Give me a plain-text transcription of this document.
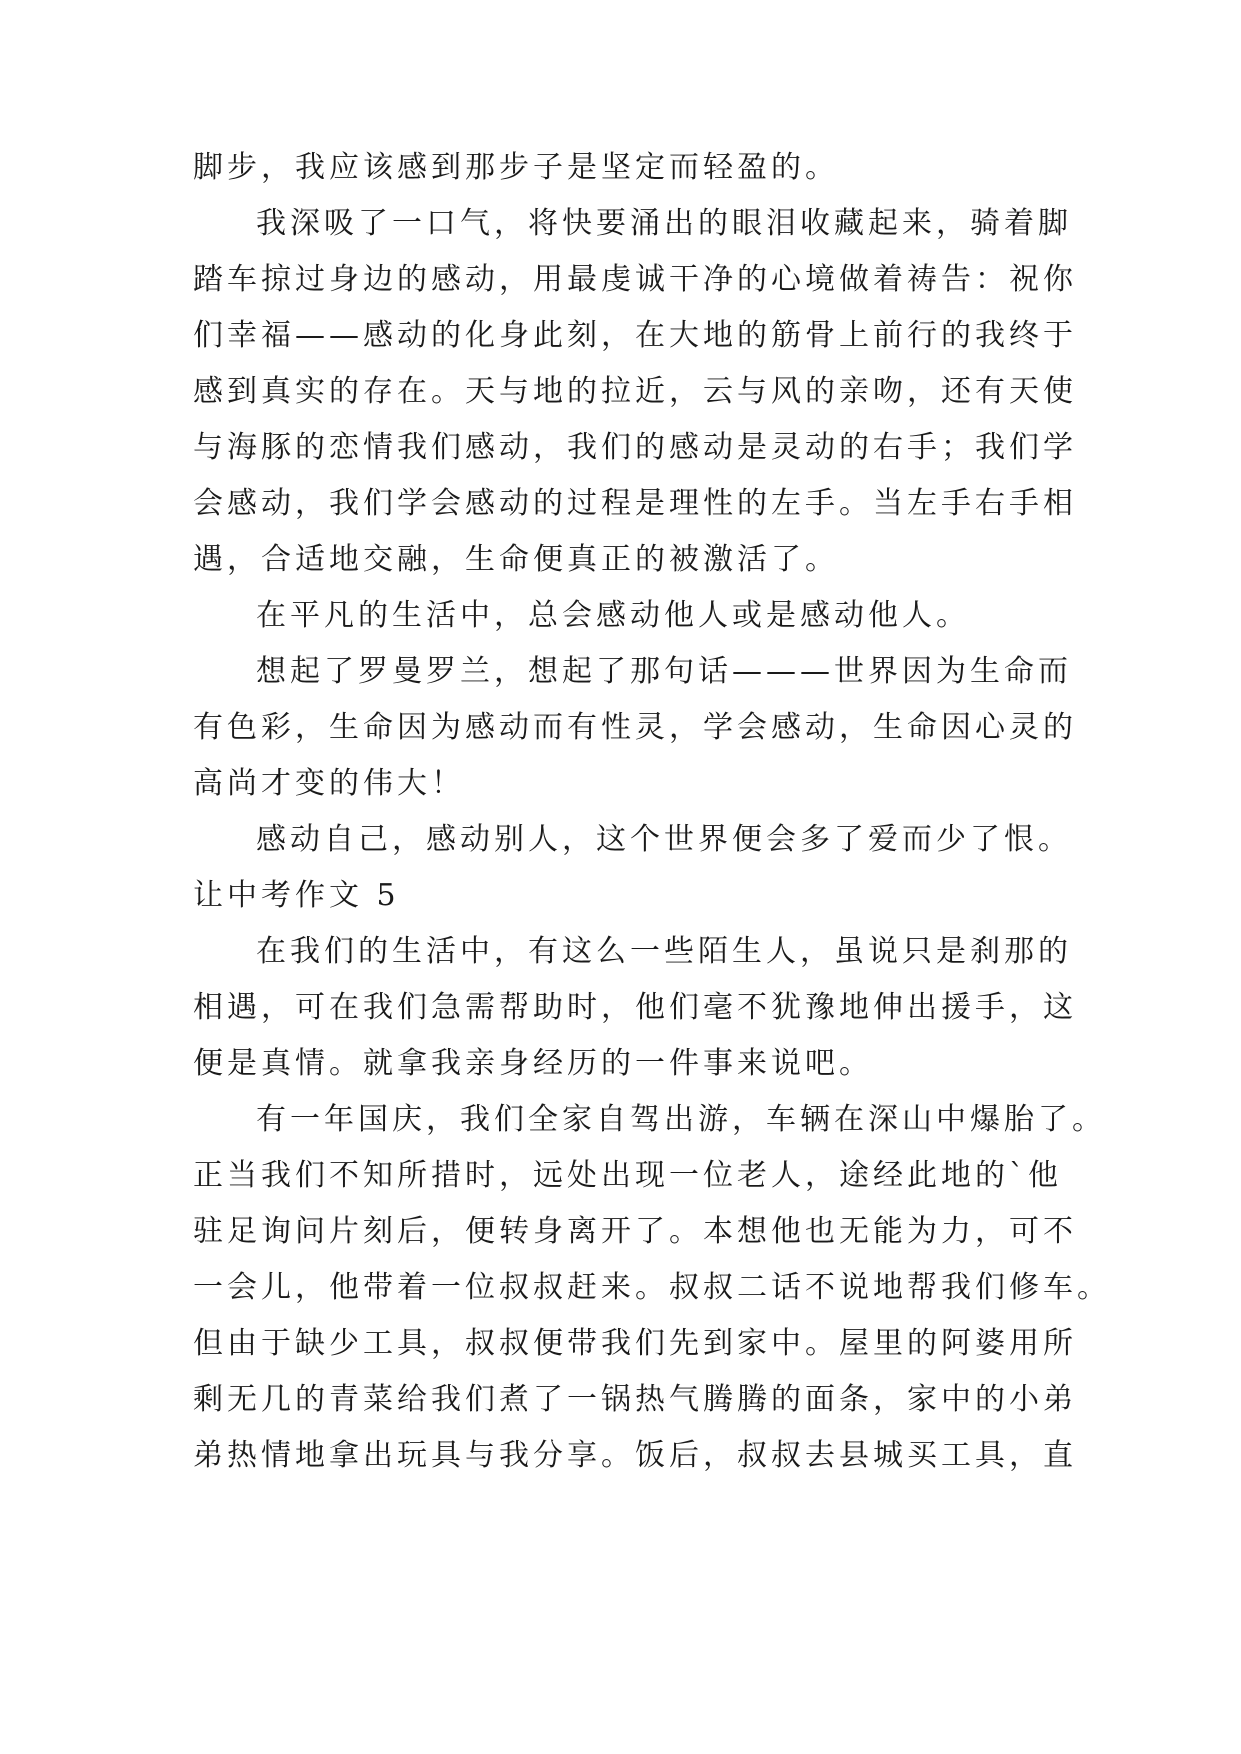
脚步，我应该感到那步子是坚定而轻盈的。
我深吸了一口气，将快要涌出的眼泪收藏起来，骑着脚
踏车掠过身边的感动，用最虔诚干净的心境做着祷告：祝你
们幸福——感动的化身此刻，在大地的筋骨上前行的我终于
感到真实的存在。天与地的拉近，云与风的亲吻，还有天使
与海豚的恋情我们感动，我们的感动是灵动的右手；我们学
会感动，我们学会感动的过程是理性的左手。当左手右手相
遇，合适地交融，生命便真正的被激活了。
在平凡的生活中，总会感动他人或是感动他人。
想起了罗曼罗兰，想起了那句话———世界因为生命而
有色彩，生命因为感动而有性灵，学会感动，生命因心灵的
高尚才变的伟大！
感动自己，感动别人，这个世界便会多了爱而少了恨。
让中考作文 5
在我们的生活中，有这么一些陌生人，虽说只是刹那的
相遇，可在我们急需帮助时，他们毫不犹豫地伸出援手，这
便是真情。就拿我亲身经历的一件事来说吧。
有一年国庆，我们全家自驾出游，车辆在深山中爆胎了。
正当我们不知所措时，远处出现一位老人，途经此地的`他
驻足询问片刻后，便转身离开了。本想他也无能为力，可不
一会儿，他带着一位叔叔赶来。叔叔二话不说地帮我们修车。
但由于缺少工具，叔叔便带我们先到家中。屋里的阿婆用所
剩无几的青菜给我们煮了一锅热气腾腾的面条，家中的小弟
弟热情地拿出玩具与我分享。饭后，叔叔去县城买工具，直
